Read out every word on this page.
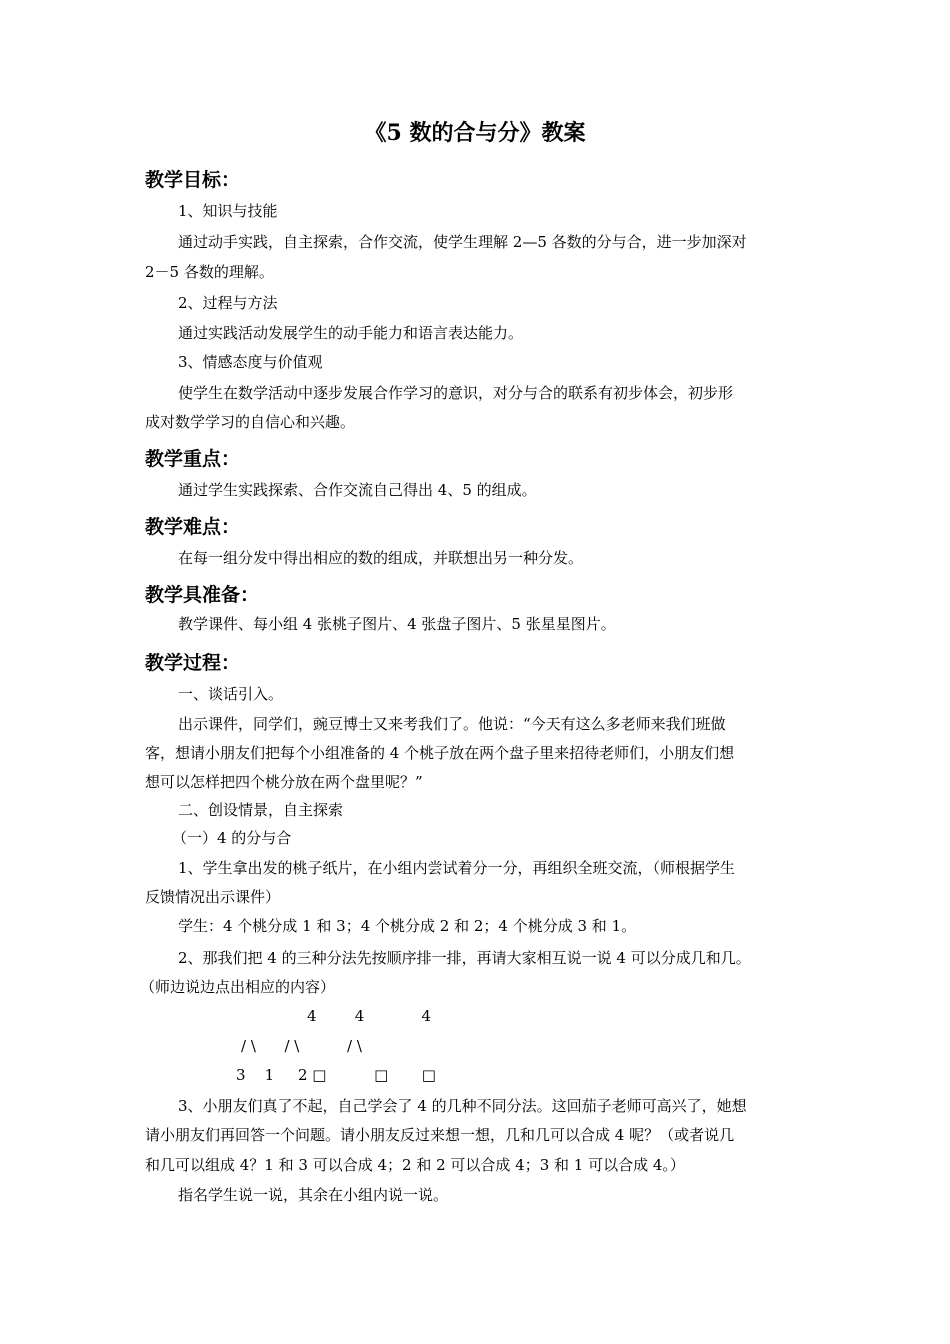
《5 数的合与分》教案
教学目标：
1、知识与技能
通过动手实践，自主探索，合作交流，使学生理解 2—5 各数的分与合，进一步加深对
2－5 各数的理解。
2、过程与方法
通过实践活动发展学生的动手能力和语言表达能力。
3、情感态度与价值观
使学生在数学活动中逐步发展合作学习的意识，对分与合的联系有初步体会，初步形
成对数学学习的自信心和兴趣。
教学重点：
通过学生实践探索、合作交流自己得出 4、5 的组成。
教学难点：
在每一组分发中得出相应的数的组成，并联想出另一种分发。
教学具准备：
教学课件、每小组 4 张桃子图片、4 张盘子图片、5 张星星图片。
教学过程：
一、谈话引入。
出示课件，同学们，豌豆博士又来考我们了。他说：“今天有这么多老师来我们班做
客，想请小朋友们把每个小组准备的 4 个桃子放在两个盘子里来招待老师们，小朋友们想
想可以怎样把四个桃分放在两个盘里呢？”
二、创设情景，自主探索
（一）4 的分与合
1、学生拿出发的桃子纸片，在小组内尝试着分一分，再组织全班交流，（师根据学生
反馈情况出示课件）
学生：4 个桃分成 1 和 3；4 个桃分成 2 和 2；4 个桃分成 3 和 1。
2、那我们把 4 的三种分法先按顺序排一排，再请大家相互说一说 4 可以分成几和几。
（师边说边点出相应的内容）
4        4            4
/ \      / \          / \
3    1     2 □          □       □
3、小朋友们真了不起，自己学会了 4 的几种不同分法。这回茄子老师可高兴了，她想
请小朋友们再回答一个问题。请小朋友反过来想一想，几和几可以合成 4 呢？（或者说几
和几可以组成 4？1 和 3 可以合成 4；2 和 2 可以合成 4；3 和 1 可以合成 4。）
指名学生说一说，其余在小组内说一说。
